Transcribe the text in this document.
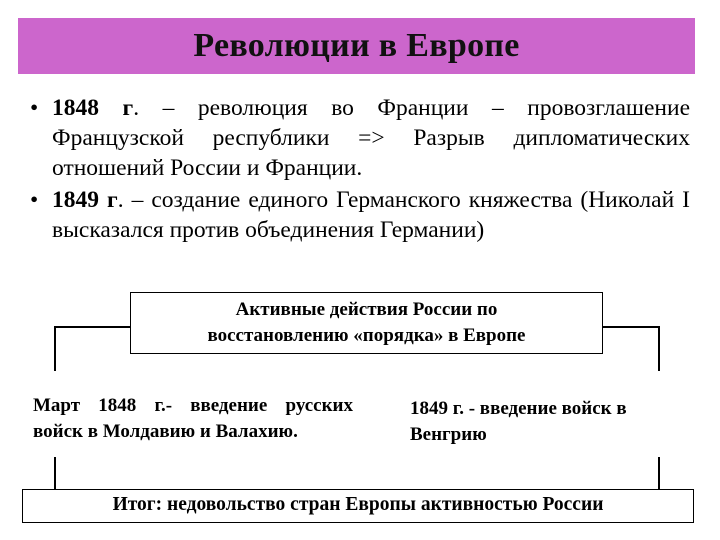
Революции в Европе
• 1848 г. – революция во Франции – провозглашение Французской республики => Разрыв дипломатических отношений России и Франции.
• 1849 г. – создание единого Германского княжества (Николай I высказался против объединения Германии)
Активные действия России по
восстановлению «порядка» в Европе
Март 1848 г.- введение русских войск в Молдавию и Валахию.
1849 г. - введение войск в Венгрию
Итог: недовольство стран Европы активностью России
